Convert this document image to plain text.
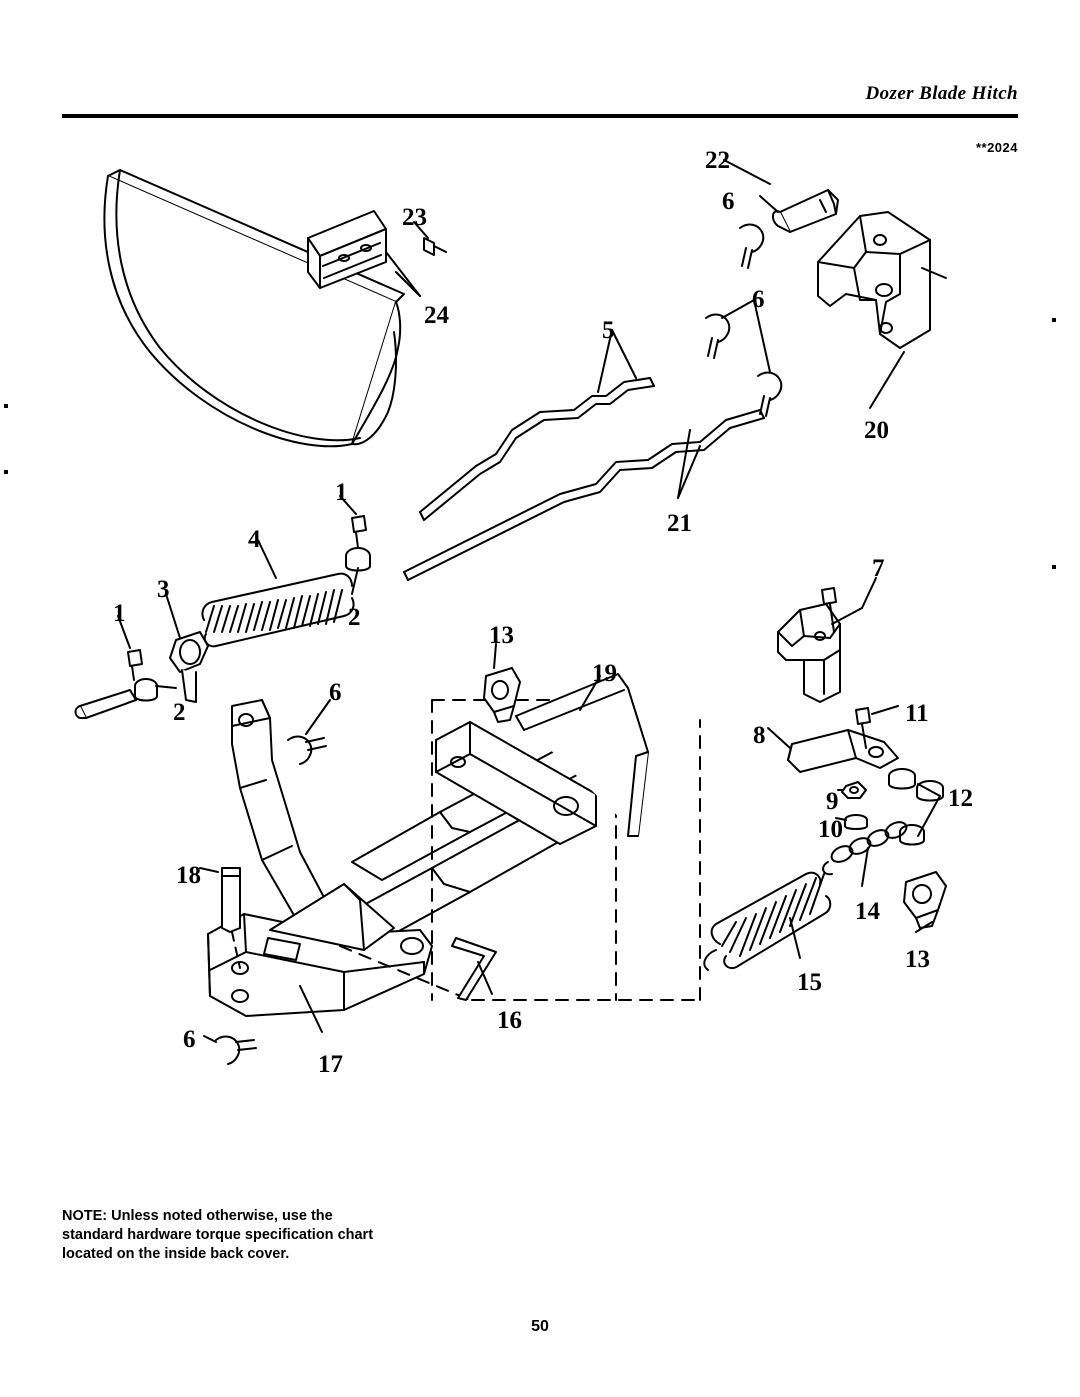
Dozer Blade Hitch
**2024
23
24
22
6
6
20
5
21
1
4
3
2
1
2
6
13
19
7
11
8
9
10
12
14
13
15
18
16
6
17
NOTE: Unless noted otherwise, use the standard hardware torque specification chart located on the inside back cover.
50
